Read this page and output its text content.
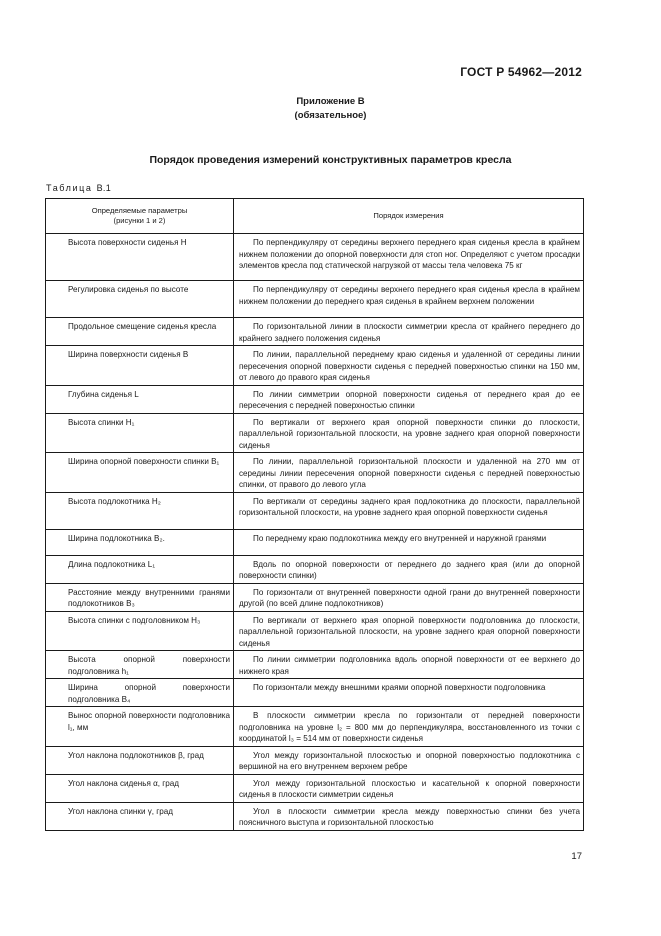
ГОСТ Р 54962—2012
Приложение В
(обязательное)
Порядок проведения измерений конструктивных параметров кресла
Таблица В.1
Определяемые параметры
(рисунки 1 и 2)	Порядок измерения
Высота поверхности сиденья H	По перпендикуляру от середины верхнего переднего края сиденья кресла в крайнем нижнем положении до опорной поверхности для стоп ног. Определяют с учетом просадки элементов кресла под статической нагрузкой от массы тела человека 75 кг
Регулировка сиденья по высоте	По перпендикуляру от середины верхнего переднего края сиденья кресла в крайнем нижнем положении до переднего края сиденья в крайнем верхнем положении
Продольное смещение сиденья кресла	По горизонтальной линии в плоскости симметрии кресла от крайнего переднего до крайнего заднего положения сиденья
Ширина поверхности сиденья B	По линии, параллельной переднему краю сиденья и удаленной от середины линии пересечения опорной поверхности сиденья с передней поверхностью спинки на 150 мм, от левого до правого края сиденья
Глубина сиденья L	По линии симметрии опорной поверхности сиденья от переднего края до ее пересечения с передней поверхностью спинки
Высота спинки H₁	По вертикали от верхнего края опорной поверхности спинки до плоскости, параллельной горизонтальной плоскости, на уровне заднего края опорной поверхности сиденья
Ширина опорной поверхности спинки B₁	По линии, параллельной горизонтальной плоскости и удаленной на 270 мм от середины линии пересечения опорной поверхности сиденья с передней поверхностью спинки, от правого до левого угла
Высота подлокотника H₂	По вертикали от середины заднего края подлокотника до плоскости, параллельной горизонтальной плоскости, на уровне заднего края опорной поверхности сиденья
Ширина подлокотника B₂.	По переднему краю подлокотника между его внутренней и наружной гранями
Длина подлокотника L₁	Вдоль по опорной поверхности от переднего до заднего края (или до опорной поверхности спинки)
Расстояние между внутренними гранями подлокотников B₃	По горизонтали от внутренней поверхности одной грани до внутренней поверхности другой (по всей длине подлокотников)
Высота спинки с подголовником H₃	По вертикали от верхнего края опорной поверхности подголовника до плоскости, параллельной горизонтальной плоскости, на уровне заднего края опорной поверхности сиденья
Высота опорной поверхности подголовника h₁	По линии симметрии подголовника вдоль опорной поверхности от ее верхнего до нижнего края
Ширина опорной поверхности подголовника B₄	По горизонтали между внешними краями опорной поверхности подголовника
Вынос опорной поверхности подголовника l₁, мм	В плоскости симметрии кресла по горизонтали от передней поверхности подголовника на уровне l₂ = 800 мм до перпендикуляра, восстановленного из точки с координатой l₃ = 514 мм от поверхности сиденья
Угол наклона подлокотников β, град	Угол между горизонтальной плоскостью и опорной поверхностью подлокотника с вершиной на его внутреннем верхнем ребре
Угол наклона сиденья α, град	Угол между горизонтальной плоскостью и касательной к опорной поверхности сиденья в плоскости симметрии сиденья
Угол наклона спинки γ, град	Угол в плоскости симметрии кресла между поверхностью спинки без учета поясничного выступа и горизонтальной плоскостью
17
